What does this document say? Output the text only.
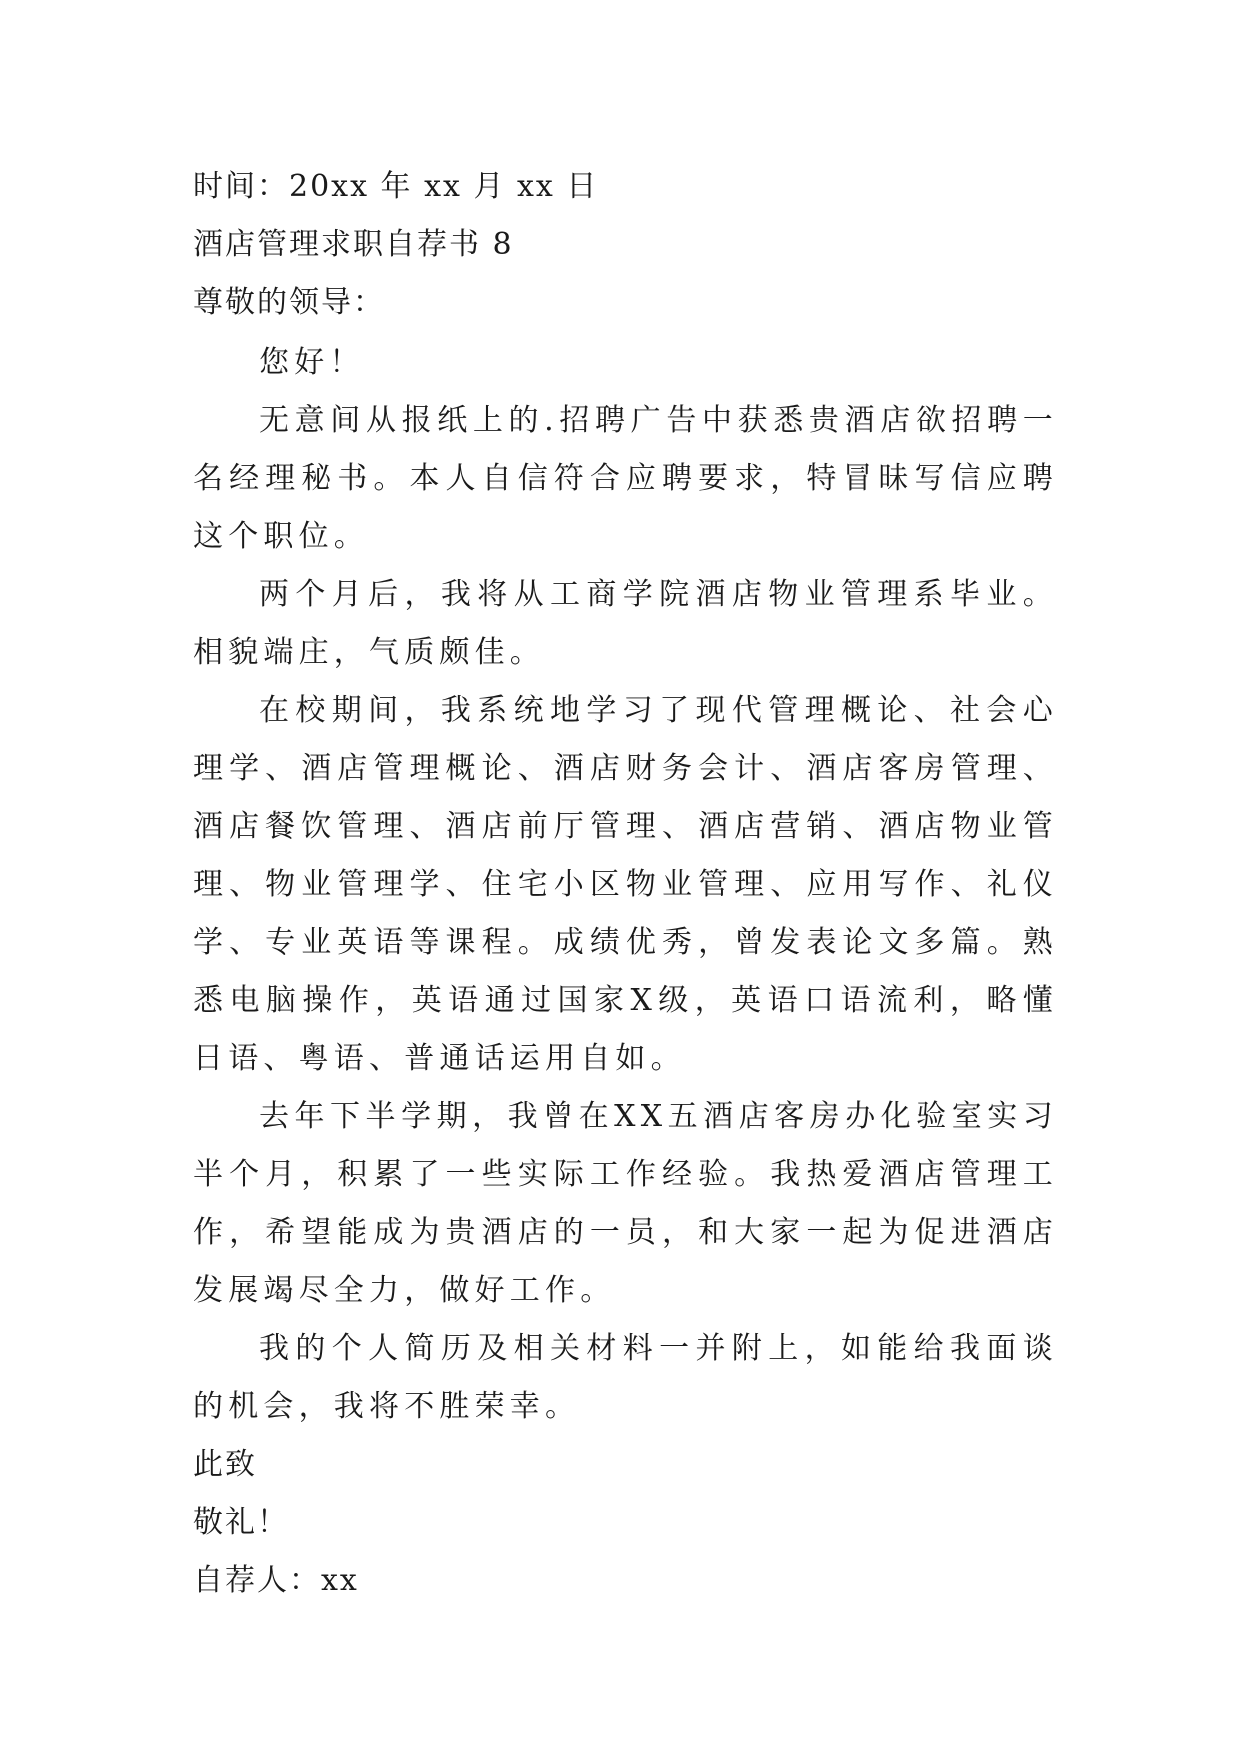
时间：20xx 年 xx 月 xx 日
酒店管理求职自荐书 8
尊敬的领导：

您好！

无意间从报纸上的.招聘广告中获悉贵酒店欲招聘一名经理秘书。本人自信符合应聘要求，特冒昧写信应聘这个职位。

两个月后，我将从工商学院酒店物业管理系毕业。相貌端庄，气质颇佳。

在校期间，我系统地学习了现代管理概论、社会心理学、酒店管理概论、酒店财务会计、酒店客房管理、酒店餐饮管理、酒店前厅管理、酒店营销、酒店物业管理、物业管理学、住宅小区物业管理、应用写作、礼仪学、专业英语等课程。成绩优秀，曾发表论文多篇。熟悉电脑操作，英语通过国家X级，英语口语流利，略懂日语、粤语、普通话运用自如。

去年下半学期，我曾在XX五酒店客房办化验室实习半个月，积累了一些实际工作经验。我热爱酒店管理工作，希望能成为贵酒店的一员，和大家一起为促进酒店发展竭尽全力，做好工作。

我的个人简历及相关材料一并附上，如能给我面谈的机会，我将不胜荣幸。

此致
敬礼！
自荐人：xx
